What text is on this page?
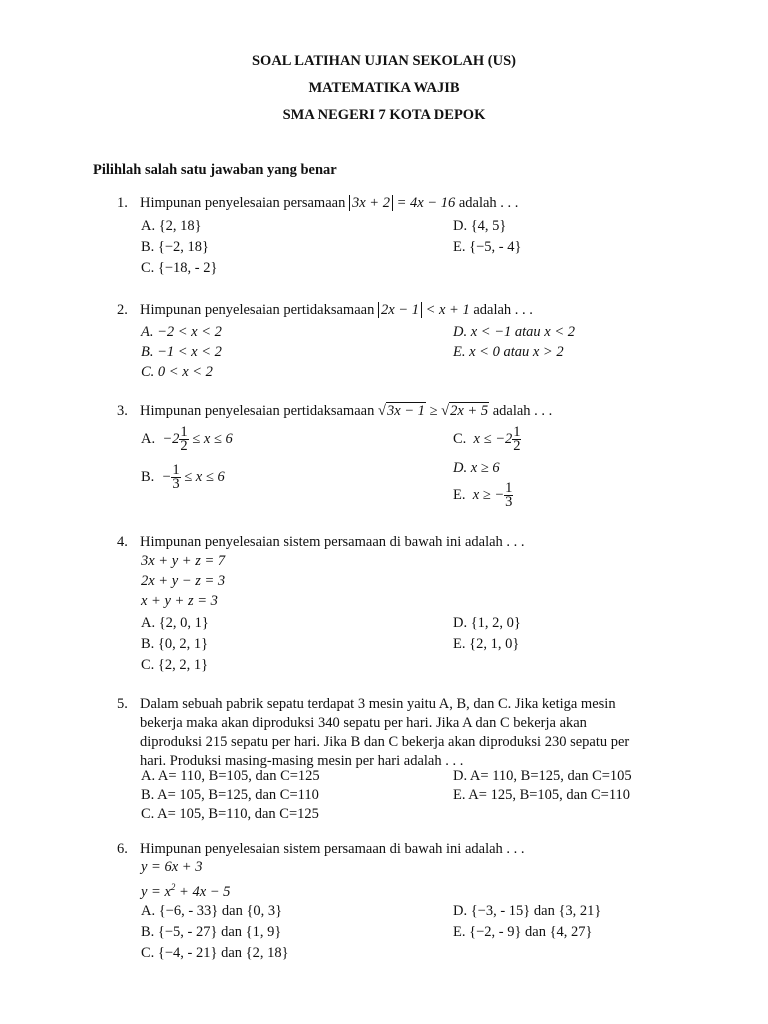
SOAL LATIHAN UJIAN SEKOLAH (US)
MATEMATIKA WAJIB
SMA NEGERI 7 KOTA DEPOK
Pilihlah salah satu jawaban yang benar
1. Himpunan penyelesaian persamaan 3x + 2 = 4x − 16 adalah . . .
A. {2, 18}
B. {−2, 18}
C. {−18, - 2}
D. {4, 5}
E. {−5, - 4}
2. Himpunan penyelesaian pertidaksamaan 2x − 1 < x + 1 adalah . . .
A. −2 < x < 2
B. −1 < x < 2
C. 0 < x < 2
D. x < −1 atau x < 2
E. x < 0 atau x > 2
3. Himpunan penyelesaian pertidaksamaan √3x − 1 ≥ √2x + 5 adalah . . .
A. $-2 \frac{1}{2} \le x \le 6$
B. − $\frac{1}{3} \le x \le 6$
C. $x \le -2 \frac{1}{2}$
D. x ≥ 6
E. x ≥ − $\frac{1}{3}$
4. Himpunan penyelesaian sistem persamaan di bawah ini adalah . . .
3x + y + z = 7
2x + y − z = 3
x + y + z = 3
A. {2, 0, 1}
B. {0, 2, 1}
C. {2, 2, 1}
D. {1, 2, 0}
E. {2, 1, 0}
5. Dalam sebuah pabrik sepatu terdapat 3 mesin yaitu A, B, dan C. Jika ketiga mesin
bekerja maka akan diproduksi 340 sepatu per hari. Jika A dan C bekerja akan
diproduksi 215 sepatu per hari. Jika B dan C bekerja akan diproduksi 230 sepatu per
hari. Produksi masing-masing mesin per hari adalah . . .
A. A= 110, B=105, dan C=125
B. A= 105, B=125, dan C=110
C. A= 105, B=110, dan C=125
D. A= 110, B=125, dan C=105
E. A= 125, B=105, dan C=110
6. Himpunan penyelesaian sistem persamaan di bawah ini adalah . . .
y = 6x + 3
$y = x^2 + 4x - 5$
A. {−6, - 33} dan {0, 3}
B. {−5, - 27} dan {1, 9}
C. {−4, - 21} dan {2, 18}
D. {−3, - 15} dan {3, 21}
E. {−2, - 9} dan {4, 27}
